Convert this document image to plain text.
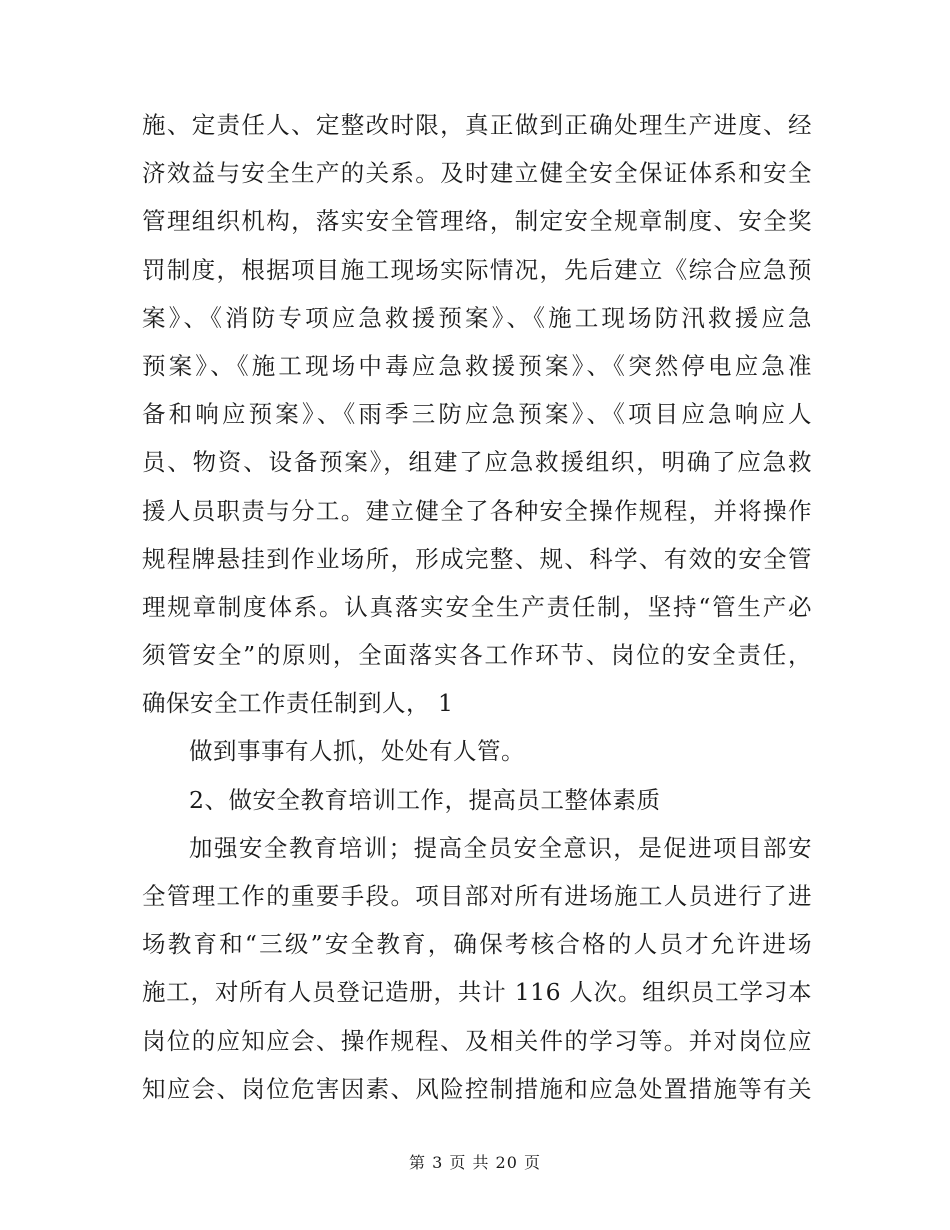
施、定责任人、定整改时限，真正做到正确处理生产进度、经
济效益与安全生产的关系。及时建立健全安全保证体系和安全
管理组织机构，落实安全管理络，制定安全规章制度、安全奖
罚制度，根据项目施工现场实际情况，先后建立《综合应急预
案》、《消防专项应急救援预案》、《施工现场防汛救援应急
预案》、《施工现场中毒应急救援预案》、《突然停电应急准
备和响应预案》、《雨季三防应急预案》、《项目应急响应人
员、物资、设备预案》，组建了应急救援组织，明确了应急救
援人员职责与分工。建立健全了各种安全操作规程，并将操作
规程牌悬挂到作业场所，形成完整、规、科学、有效的安全管
理规章制度体系。认真落实安全生产责任制，坚持“管生产必
须管安全”的原则，全面落实各工作环节、岗位的安全责任，
确保安全工作责任制到人， 1
做到事事有人抓，处处有人管。
2、做安全教育培训工作，提高员工整体素质
加强安全教育培训；提高全员安全意识，是促进项目部安
全管理工作的重要手段。项目部对所有进场施工人员进行了进
场教育和“三级”安全教育，确保考核合格的人员才允许进场
施工，对所有人员登记造册，共计 116 人次。组织员工学习本
岗位的应知应会、操作规程、及相关件的学习等。并对岗位应
知应会、岗位危害因素、风险控制措施和应急处置措施等有关
第 3 页 共 20 页
